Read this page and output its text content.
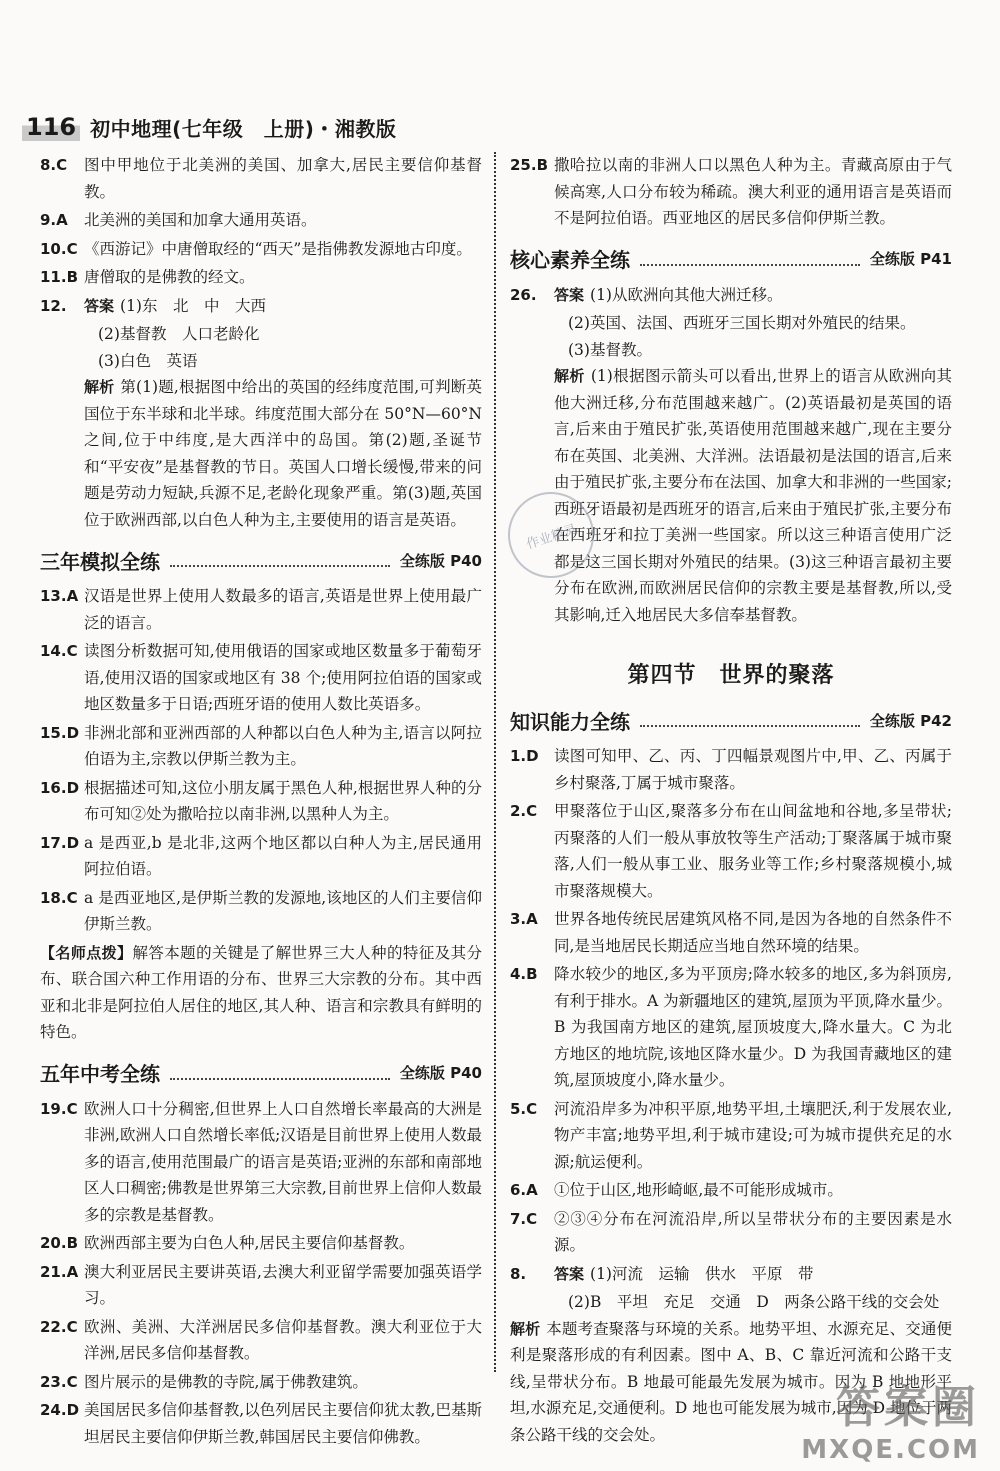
116 初中地理(七年级　上册)・湘教版
8.C	图中甲地位于北美洲的美国、加拿大,居民主要信仰基督教。
9.A	北美洲的美国和加拿大通用英语。
10.C 《西游记》中唐僧取经的“西天”是指佛教发源地古印度。
11.B 唐僧取的是佛教的经文。
12.	答案 (1)东　北　中　大西
(2)基督教　人口老龄化
(3)白色　英语
解析 第(1)题,根据图中给出的英国的经纬度范围,可判断英国位于东半球和北半球。纬度范围大部分在 50°N—60°N 之间,位于中纬度,是大西洋中的岛国。第(2)题,圣诞节和“平安夜”是基督教的节日。英国人口增长缓慢,带来的问题是劳动力短缺,兵源不足,老龄化现象严重。第(3)题,英国位于欧洲西部,以白色人种为主,主要使用的语言是英语。
三年模拟全练	全练版 P40
13.A 汉语是世界上使用人数最多的语言,英语是世界上使用最广泛的语言。
14.C 读图分析数据可知,使用俄语的国家或地区数量多于葡萄牙语,使用汉语的国家或地区有 38 个;使用阿拉伯语的国家或地区数量多于日语;西班牙语的使用人数比英语多。
15.D 非洲北部和亚洲西部的人种都以白色人种为主,语言以阿拉伯语为主,宗教以伊斯兰教为主。
16.D 根据描述可知,这位小朋友属于黑色人种,根据世界人种的分布可知②处为撒哈拉以南非洲,以黑种人为主。
17.D a 是西亚,b 是北非,这两个地区都以白种人为主,居民通用阿拉伯语。
18.C a 是西亚地区,是伊斯兰教的发源地,该地区的人们主要信仰伊斯兰教。
【名师点拨】解答本题的关键是了解世界三大人种的特征及其分布、联合国六种工作用语的分布、世界三大宗教的分布。其中西亚和北非是阿拉伯人居住的地区,其人种、语言和宗教具有鲜明的特色。
五年中考全练	全练版 P40
19.C 欧洲人口十分稠密,但世界上人口自然增长率最高的大洲是非洲,欧洲人口自然增长率低;汉语是目前世界上使用人数最多的语言,使用范围最广的语言是英语;亚洲的东部和南部地区人口稠密;佛教是世界第三大宗教,目前世界上信仰人数最多的宗教是基督教。
20.B 欧洲西部主要为白色人种,居民主要信仰基督教。
21.A 澳大利亚居民主要讲英语,去澳大利亚留学需要加强英语学习。
22.C 欧洲、美洲、大洋洲居民多信仰基督教。澳大利亚位于大洋洲,居民多信仰基督教。
23.C 图片展示的是佛教的寺院,属于佛教建筑。
24.D 美国居民多信仰基督教,以色列居民主要信仰犹太教,巴基斯坦居民主要信仰伊斯兰教,韩国居民主要信仰佛教。
25.B 撒哈拉以南的非洲人口以黑色人种为主。青藏高原由于气候高寒,人口分布较为稀疏。澳大利亚的通用语言是英语而不是阿拉伯语。西亚地区的居民多信仰伊斯兰教。
核心素养全练	全练版 P41
26.	答案 (1)从欧洲向其他大洲迁移。
(2)英国、法国、西班牙三国长期对外殖民的结果。
(3)基督教。
解析 (1)根据图示箭头可以看出,世界上的语言从欧洲向其他大洲迁移,分布范围越来越广。(2)英语最初是英国的语言,后来由于殖民扩张,英语使用范围越来越广,现在主要分布在英国、北美洲、大洋洲。法语最初是法国的语言,后来由于殖民扩张,主要分布在法国、加拿大和非洲的一些国家;西班牙语最初是西班牙的语言,后来由于殖民扩张,主要分布在西班牙和拉丁美洲一些国家。所以这三种语言使用广泛都是这三国长期对外殖民的结果。(3)这三种语言最初主要分布在欧洲,而欧洲居民信仰的宗教主要是基督教,所以,受其影响,迁入地居民大多信奉基督教。
第四节　世界的聚落
知识能力全练	全练版 P42
1.D 读图可知甲、乙、丙、丁四幅景观图片中,甲、乙、丙属于乡村聚落,丁属于城市聚落。
2.C	甲聚落位于山区,聚落多分布在山间盆地和谷地,多呈带状;丙聚落的人们一般从事放牧等生产活动;丁聚落属于城市聚落,人们一般从事工业、服务业等工作;乡村聚落规模小,城市聚落规模大。
3.A	世界各地传统民居建筑风格不同,是因为各地的自然条件不同,是当地居民长期适应当地自然环境的结果。
4.B	降水较少的地区,多为平顶房;降水较多的地区,多为斜顶房,有利于排水。A 为新疆地区的建筑,屋顶为平顶,降水量少。B 为我国南方地区的建筑,屋顶坡度大,降水量大。C 为北方地区的地坑院,该地区降水量少。D 为我国青藏地区的建筑,屋顶坡度小,降水量少。
5.C	河流沿岸多为冲积平原,地势平坦,土壤肥沃,利于发展农业,物产丰富;地势平坦,利于城市建设;可为城市提供充足的水源;航运便利。
6.A	①位于山区,地形崎岖,最不可能形成城市。
7.C	②③④分布在河流沿岸,所以呈带状分布的主要因素是水源。
8.	答案 (1)河流　运输　供水　平原　带
(2)B　平坦　充足　交通　D　两条公路干线的交会处
解析 本题考查聚落与环境的关系。地势平坦、水源充足、交通便利是聚落形成的有利因素。图中 A、B、C 靠近河流和公路干支线,呈带状分布。B 地最可能最先发展为城市。因为 B 地地形平坦,水源充足,交通便利。D 地也可能发展为城市,因为 D 地位于两条公路干线的交会处。
作业精灵
答案圈
MXQE.COM
